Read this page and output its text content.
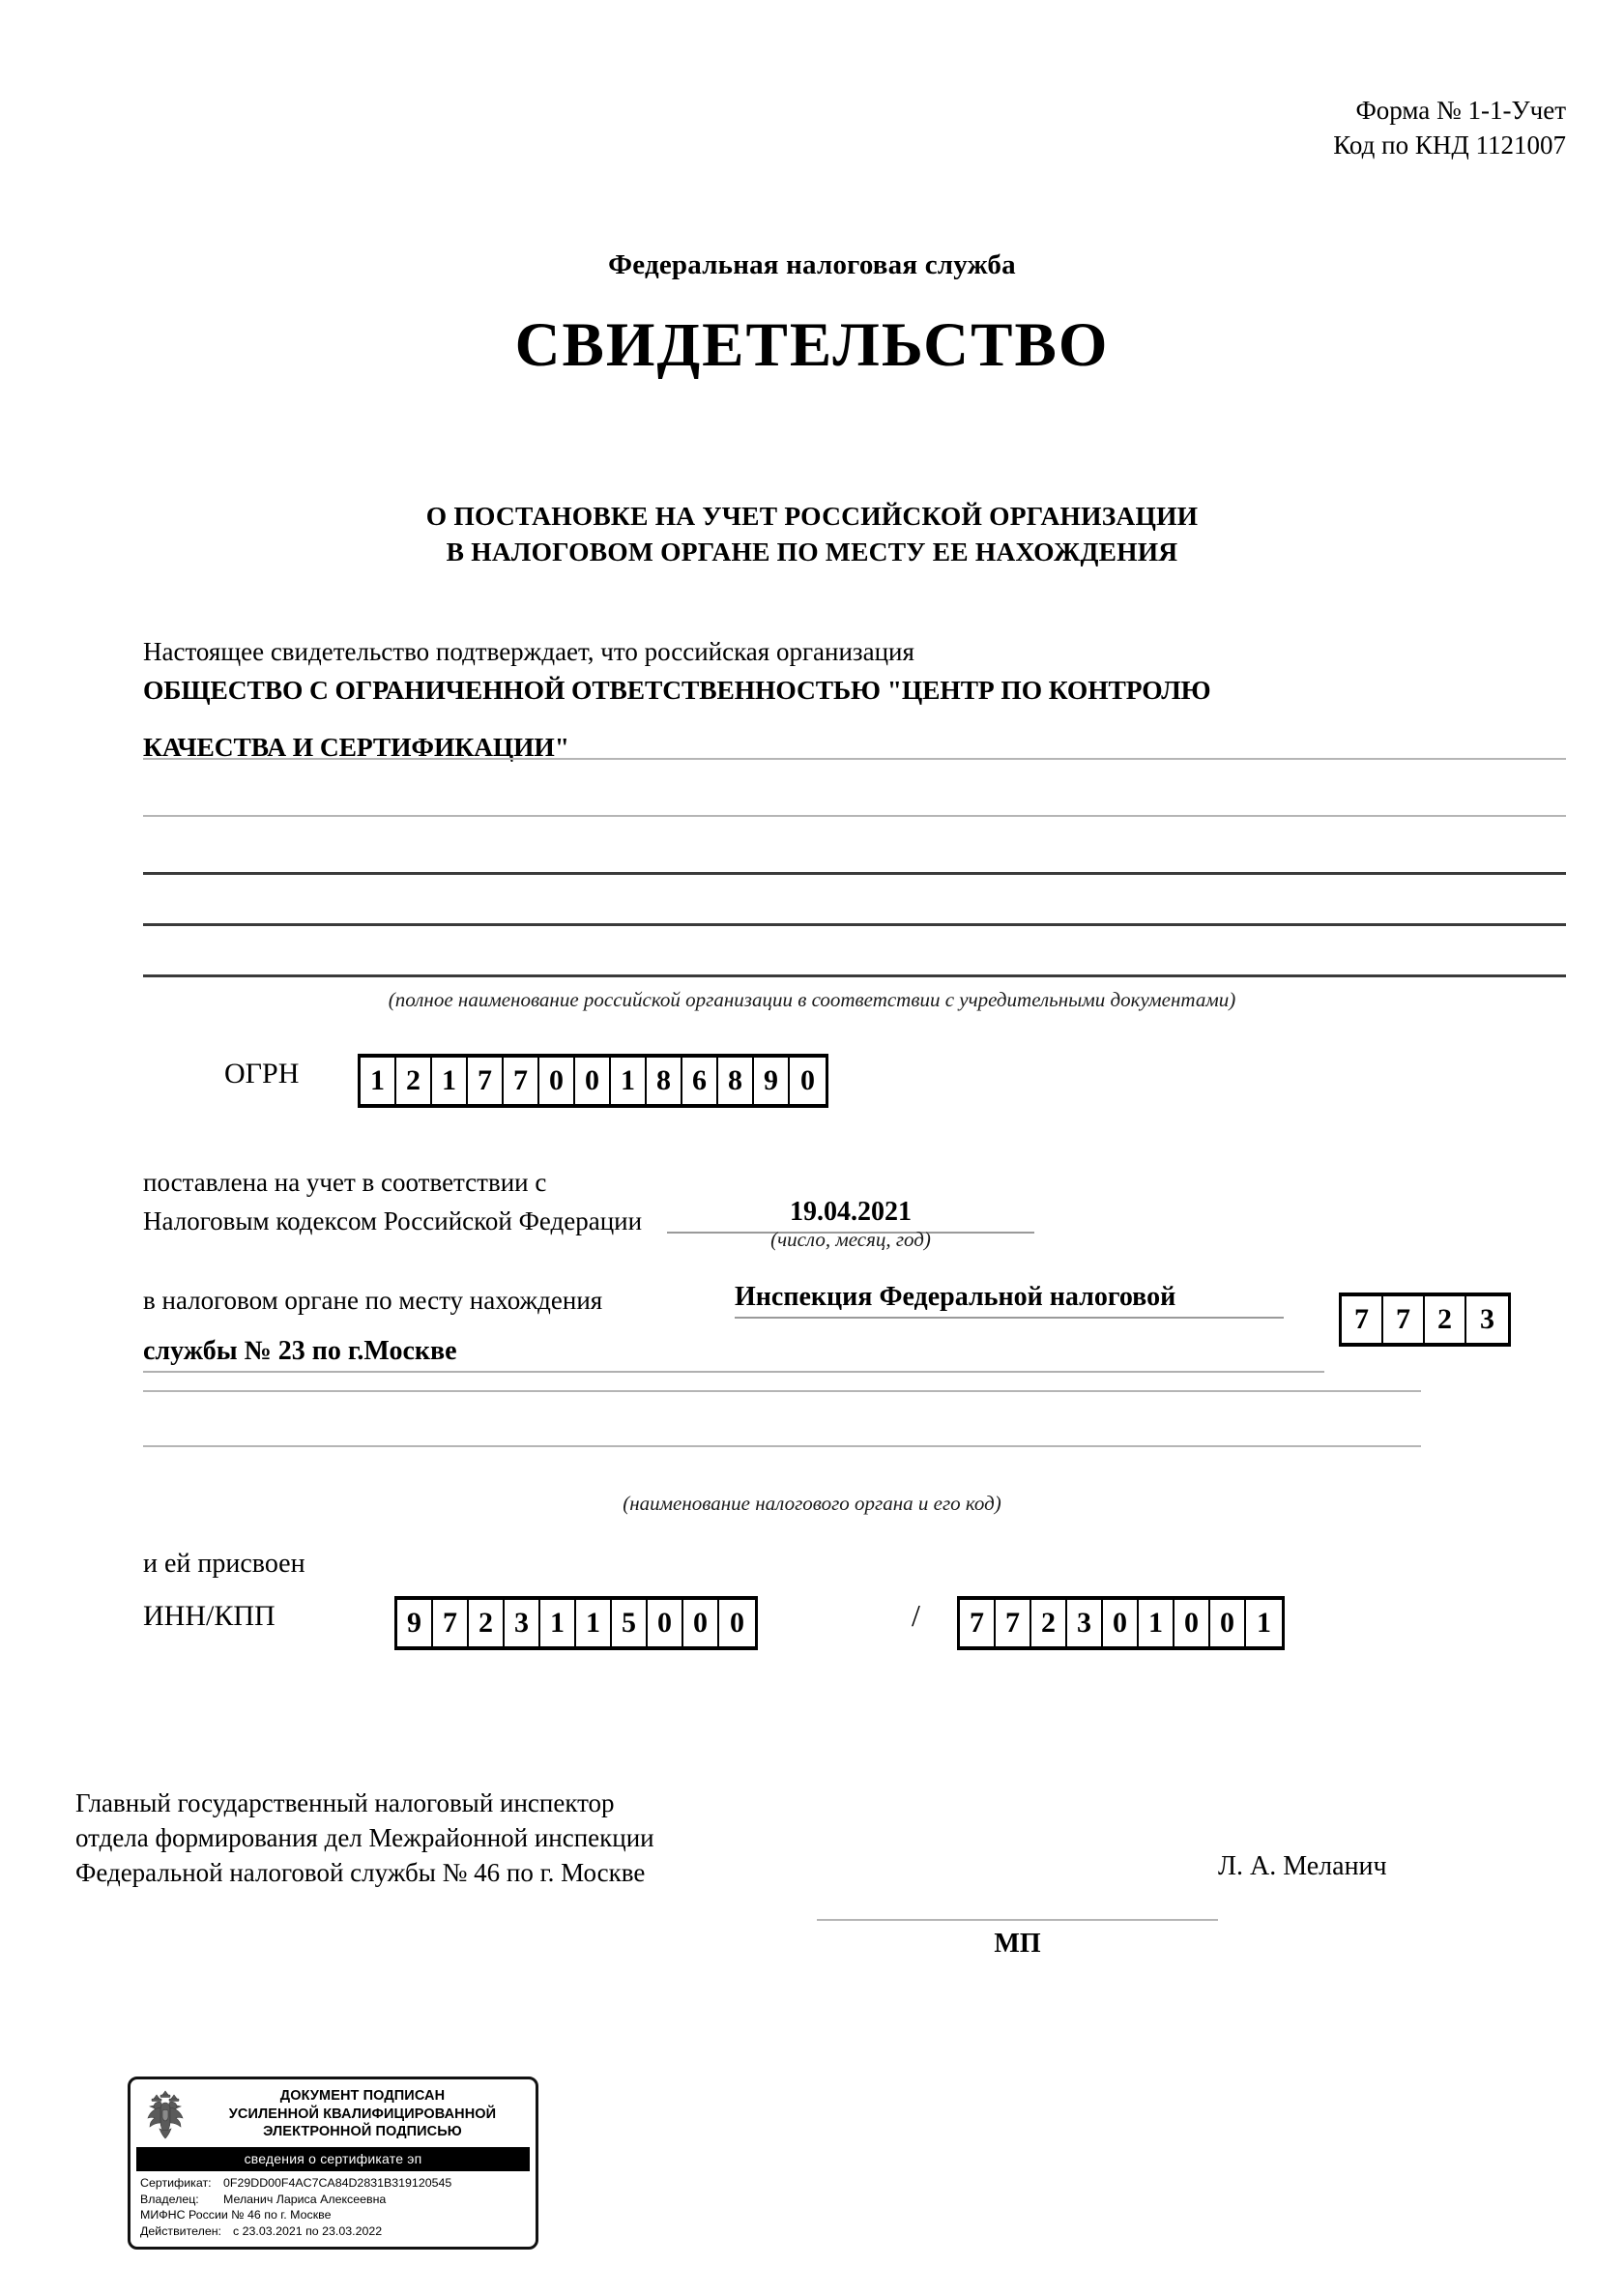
Форма № 1-1-Учет
Код по КНД 1121007
Федеральная налоговая служба
СВИДЕТЕЛЬСТВО
О ПОСТАНОВКЕ НА УЧЕТ РОССИЙСКОЙ ОРГАНИЗАЦИИ
В НАЛОГОВОМ ОРГАНЕ ПО МЕСТУ ЕЕ НАХОЖДЕНИЯ
Настоящее свидетельство подтверждает, что российская организация
ОБЩЕСТВО С ОГРАНИЧЕННОЙ ОТВЕТСТВЕННОСТЬЮ "ЦЕНТР ПО КОНТРОЛЮ
КАЧЕСТВА И СЕРТИФИКАЦИИ"
(полное наименование российской организации в соответствии с учредительными документами)
ОГРН	1 2 1 7 7 0 0 1 8 6 8 9 0
поставлена на учет в соответствии с
Налоговым кодексом Российской Федерации	19.04.2021
(число, месяц, год)
в налоговом органе по месту нахождения	Инспекция Федеральной налоговой
службы № 23 по г.Москве
7 7 2 3
(наименование налогового органа и его код)
и ей присвоен
ИНН/КПП	9 7 2 3 1 1 5 0 0 0	/	7 7 2 3 0 1 0 0 1
Главный государственный налоговый инспектор
отдела формирования дел Межрайонной инспекции
Федеральной налоговой службы № 46 по г. Москве	Л. А. Меланич
МП
ДОКУМЕНТ ПОДПИСАН
УСИЛЕННОЙ КВАЛИФИЦИРОВАННОЙ
ЭЛЕКТРОННОЙ ПОДПИСЬЮ
сведения о сертификате эп
Сертификат: 0F29DD00F4AC7CA84D2831B319120545
Владелец:	Меланич Лариса Алексеевна
МИФНС России № 46 по г. Москве
Действителен: с 23.03.2021 по 23.03.2022
